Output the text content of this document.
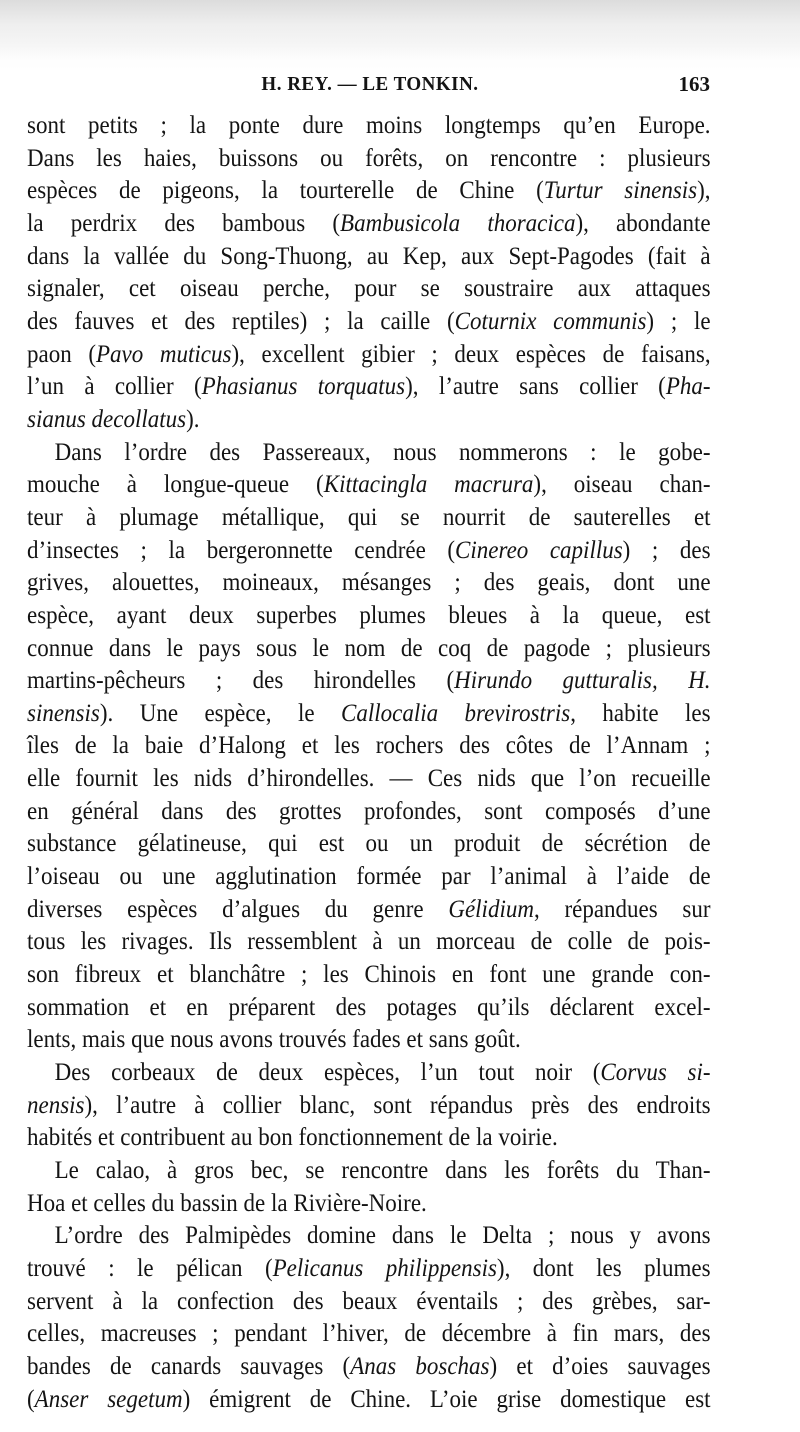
H. REY. — LE TONKIN.	163
sont petits ; la ponte dure moins longtemps qu’en Europe.
Dans les haies, buissons ou forêts, on rencontre : plusieurs
espèces de pigeons, la tourterelle de Chine (Turtur sinensis),
la perdrix des bambous (Bambusicola thoracica), abondante
dans la vallée du Song-Thuong, au Kep, aux Sept-Pagodes (fait à
signaler, cet oiseau perche, pour se soustraire aux attaques
des fauves et des reptiles) ; la caille (Coturnix communis) ; le
paon (Pavo muticus), excellent gibier ; deux espèces de faisans,
l’un à collier (Phasianus torquatus), l’autre sans collier (Pha-
sianus decollatus).
Dans l’ordre des Passereaux, nous nommerons : le gobe-
mouche à longue-queue (Kittacingla macrura), oiseau chan-
teur à plumage métallique, qui se nourrit de sauterelles et
d’insectes ; la bergeronnette cendrée (Cinereo capillus) ; des
grives, alouettes, moineaux, mésanges ; des geais, dont une
espèce, ayant deux superbes plumes bleues à la queue, est
connue dans le pays sous le nom de coq de pagode ; plusieurs
martins-pêcheurs ; des hirondelles (Hirundo gutturalis, H.
sinensis). Une espèce, le Callocalia brevirostris, habite les
îles de la baie d’Halong et les rochers des côtes de l’Annam ;
elle fournit les nids d’hirondelles. — Ces nids que l’on recueille
en général dans des grottes profondes, sont composés d’une
substance gélatineuse, qui est ou un produit de sécrétion de
l’oiseau ou une agglutination formée par l’animal à l’aide de
diverses espèces d’algues du genre Gélidium, répandues sur
tous les rivages. Ils ressemblent à un morceau de colle de pois-
son fibreux et blanchâtre ; les Chinois en font une grande con-
sommation et en préparent des potages qu’ils déclarent excel-
lents, mais que nous avons trouvés fades et sans goût.
Des corbeaux de deux espèces, l’un tout noir (Corvus si-
nensis), l’autre à collier blanc, sont répandus près des endroits
habités et contribuent au bon fonctionnement de la voirie.
Le calao, à gros bec, se rencontre dans les forêts du Than-
Hoa et celles du bassin de la Rivière-Noire.
L’ordre des Palmipèdes domine dans le Delta ; nous y avons
trouvé : le pélican (Pelicanus philippensis), dont les plumes
servent à la confection des beaux éventails ; des grèbes, sar-
celles, macreuses ; pendant l’hiver, de décembre à fin mars, des
bandes de canards sauvages (Anas boschas) et d’oies sauvages
(Anser segetum) émigrent de Chine. L’oie grise domestique est
